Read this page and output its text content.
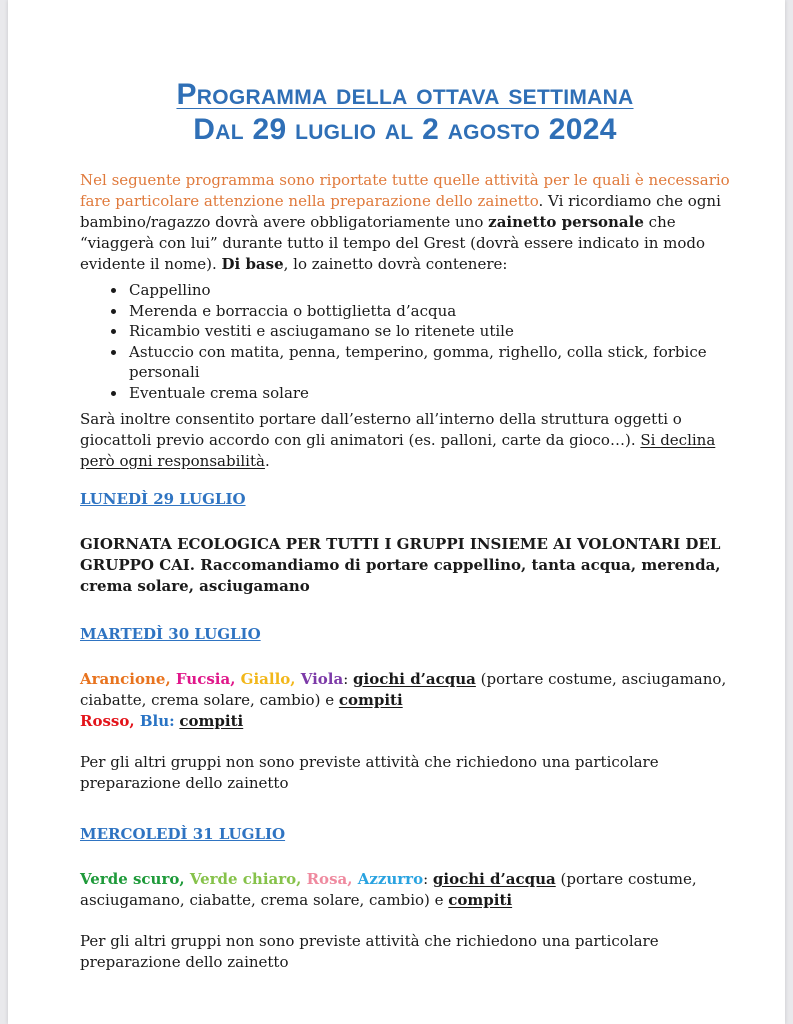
Programma della ottava settimana
Dal 29 luglio al 2 agosto 2024

Nel seguente programma sono riportate tutte quelle attività per le quali è necessario fare particolare attenzione nella preparazione dello zainetto. Vi ricordiamo che ogni bambino/ragazzo dovrà avere obbligatoriamente uno zainetto personale che “viaggerà con lui” durante tutto il tempo del Grest (dovrà essere indicato in modo evidente il nome). Di base, lo zainetto dovrà contenere:

• Cappellino
• Merenda e borraccia o bottiglietta d’acqua
• Ricambio vestiti e asciugamano se lo ritenete utile
• Astuccio con matita, penna, temperino, gomma, righello, colla stick, forbice personali
• Eventuale crema solare

Sarà inoltre consentito portare dall’esterno all’interno della struttura oggetti o giocattoli previo accordo con gli animatori (es. palloni, carte da gioco…). Si declina però ogni responsabilità.

LUNEDÌ 29 LUGLIO

GIORNATA ECOLOGICA PER TUTTI I GRUPPI INSIEME AI VOLONTARI DEL GRUPPO CAI. Raccomandiamo di portare cappellino, tanta acqua, merenda, crema solare, asciugamano

MARTEDÌ 30 LUGLIO

Arancione, Fucsia, Giallo, Viola: giochi d’acqua (portare costume, asciugamano, ciabatte, crema solare, cambio) e compiti
Rosso, Blu: compiti

Per gli altri gruppi non sono previste attività che richiedono una particolare preparazione dello zainetto

MERCOLEDÌ 31 LUGLIO

Verde scuro, Verde chiaro, Rosa, Azzurro: giochi d’acqua (portare costume, asciugamano, ciabatte, crema solare, cambio) e compiti

Per gli altri gruppi non sono previste attività che richiedono una particolare preparazione dello zainetto
